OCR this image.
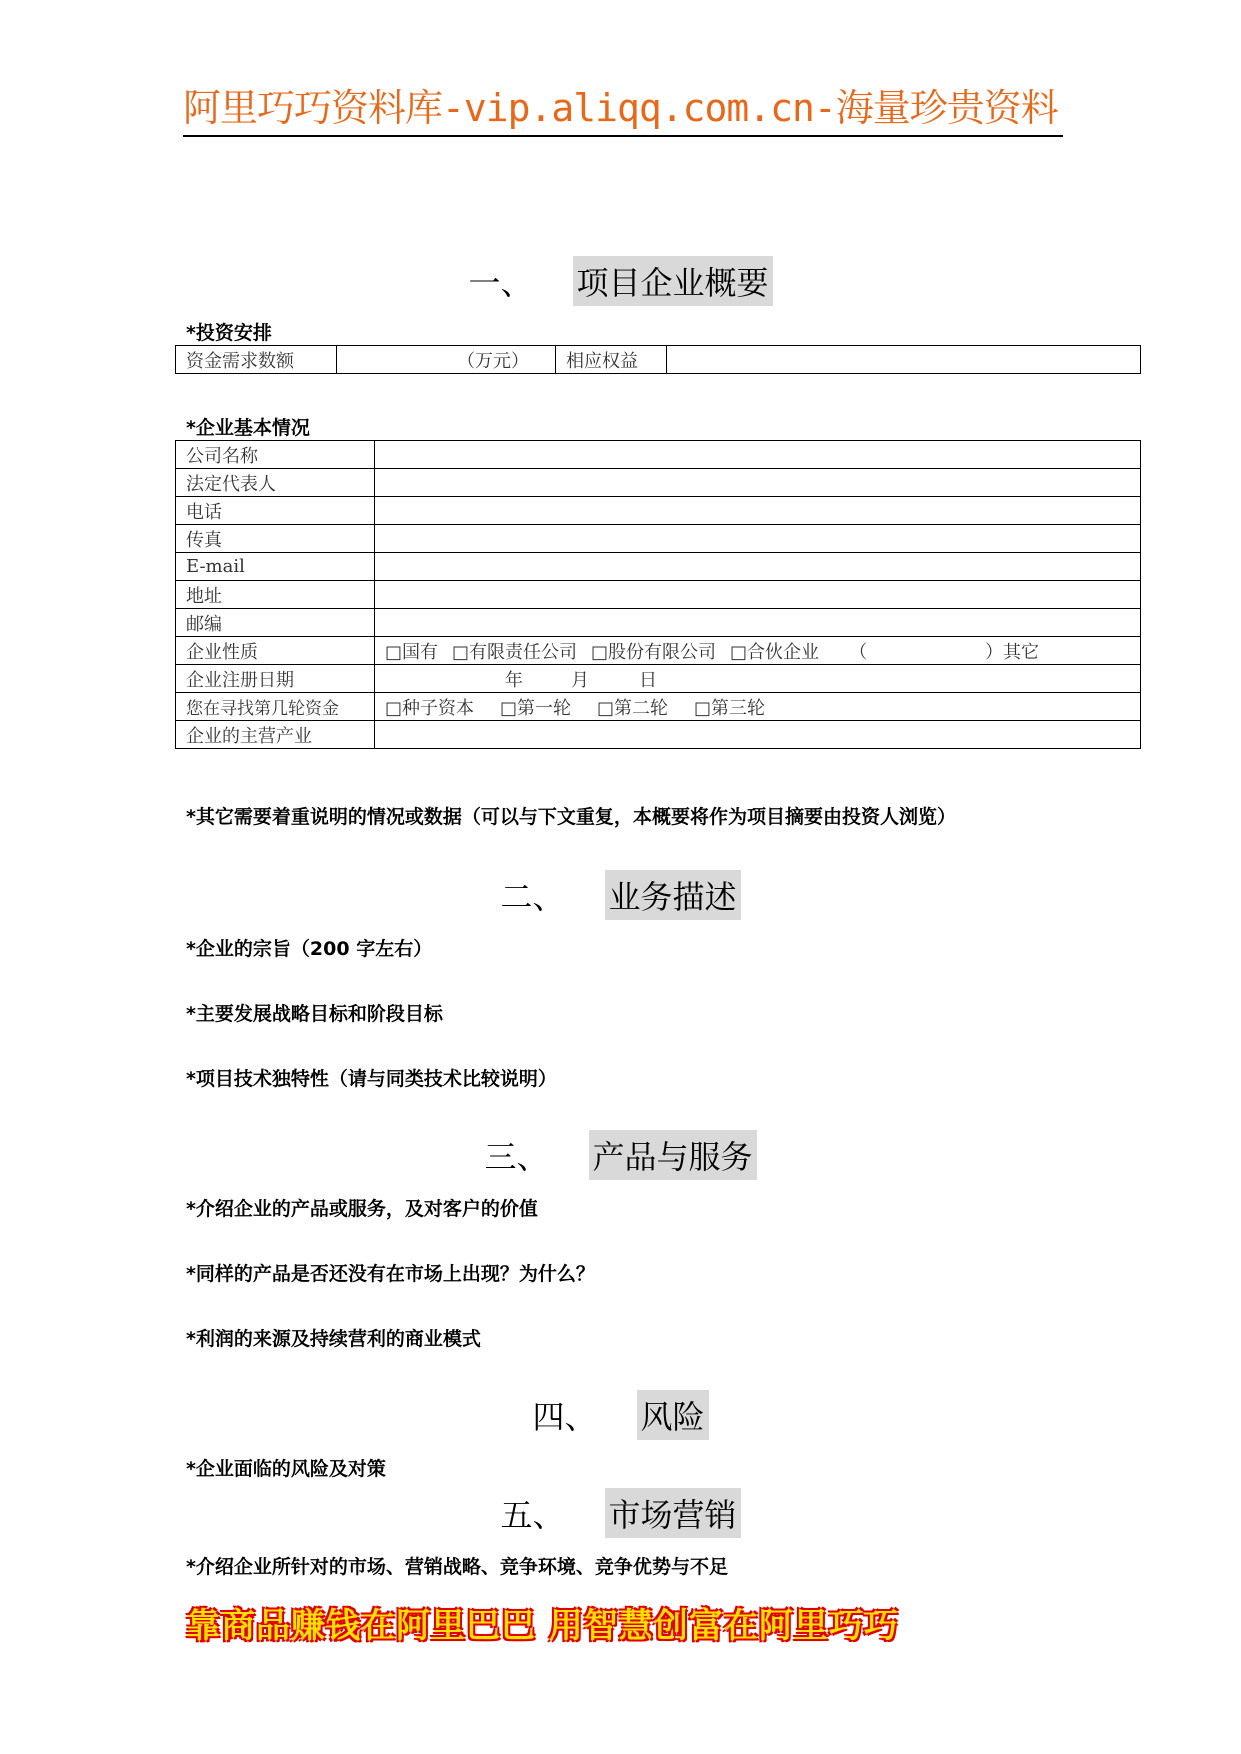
阿里巧巧资料库-vip.aliqq.com.cn-海量珍贵资料
一、 项目企业概要
*投资安排
资金需求数额	（万元）	相应权益	
*企业基本情况
公司名称	
法定代表人	
电话	
传真	
E-mail	
地址	
邮编	
企业性质	□国有 □有限责任公司 □股份有限公司 □合伙企业 （ ）其它
企业注册日期	年 月 日
您在寻找第几轮资金	□种子资本 □第一轮 □第二轮 □第三轮
企业的主营产业	
*其它需要着重说明的情况或数据（可以与下文重复，本概要将作为项目摘要由投资人浏览）
二、 业务描述
*企业的宗旨（200 字左右）
*主要发展战略目标和阶段目标
*项目技术独特性（请与同类技术比较说明）
三、 产品与服务
*介绍企业的产品或服务，及对客户的价值
*同样的产品是否还没有在市场上出现？为什么？
*利润的来源及持续营利的商业模式
四、 风险
*企业面临的风险及对策
五、 市场营销
*介绍企业所针对的市场、营销战略、竞争环境、竞争优势与不足
靠商品赚钱在阿里巴巴 用智慧创富在阿里巧巧
